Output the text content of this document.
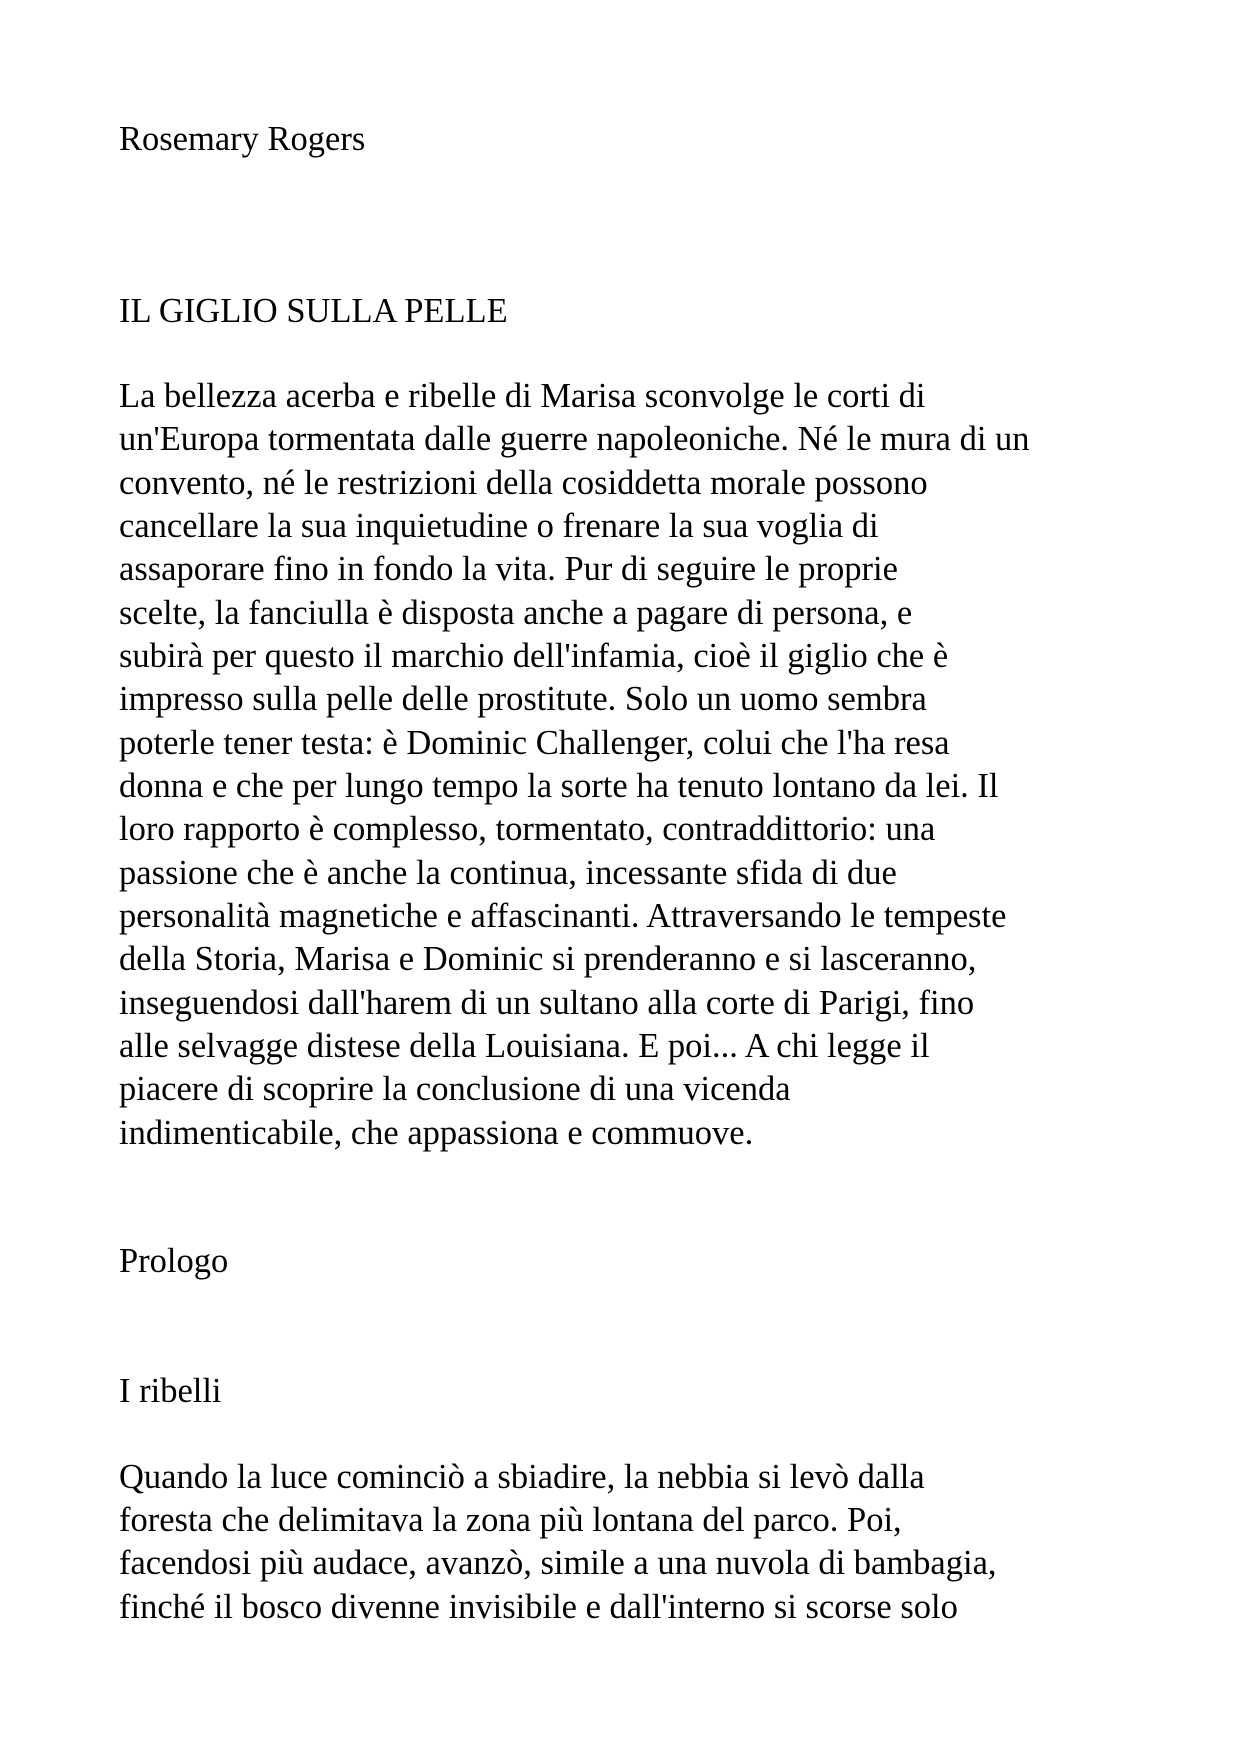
Rosemary Rogers

IL GIGLIO SULLA PELLE

La bellezza acerba e ribelle di Marisa sconvolge le corti di

un'Europa tormentata dalle guerre napoleoniche. Né le mura di un

convento, né le restrizioni della cosiddetta morale possono

cancellare la sua inquietudine o frenare la sua voglia di

assaporare fino in fondo la vita. Pur di seguire le proprie

scelte, la fanciulla è disposta anche a pagare di persona, e

subirà per questo il marchio dell'infamia, cioè il giglio che è

impresso sulla pelle delle prostitute. Solo un uomo sembra

poterle tener testa: è Dominic Challenger, colui che l'ha resa

donna e che per lungo tempo la sorte ha tenuto lontano da lei. Il

loro rapporto è complesso, tormentato, contraddittorio: una

passione che è anche la continua, incessante sfida di due

personalità magnetiche e affascinanti. Attraversando le tempeste

della Storia, Marisa e Dominic si prenderanno e si lasceranno,

inseguendosi dall'harem di un sultano alla corte di Parigi, fino

alle selvagge distese della Louisiana. E poi... A chi legge il

piacere di scoprire la conclusione di una vicenda

indimenticabile, che appassiona e commuove.

Prologo

I ribelli

Quando la luce cominciò a sbiadire, la nebbia si levò dalla

foresta che delimitava la zona più lontana del parco. Poi,

facendosi più audace, avanzò, simile a una nuvola di bambagia,

finché il bosco divenne invisibile e dall'interno si scorse solo
